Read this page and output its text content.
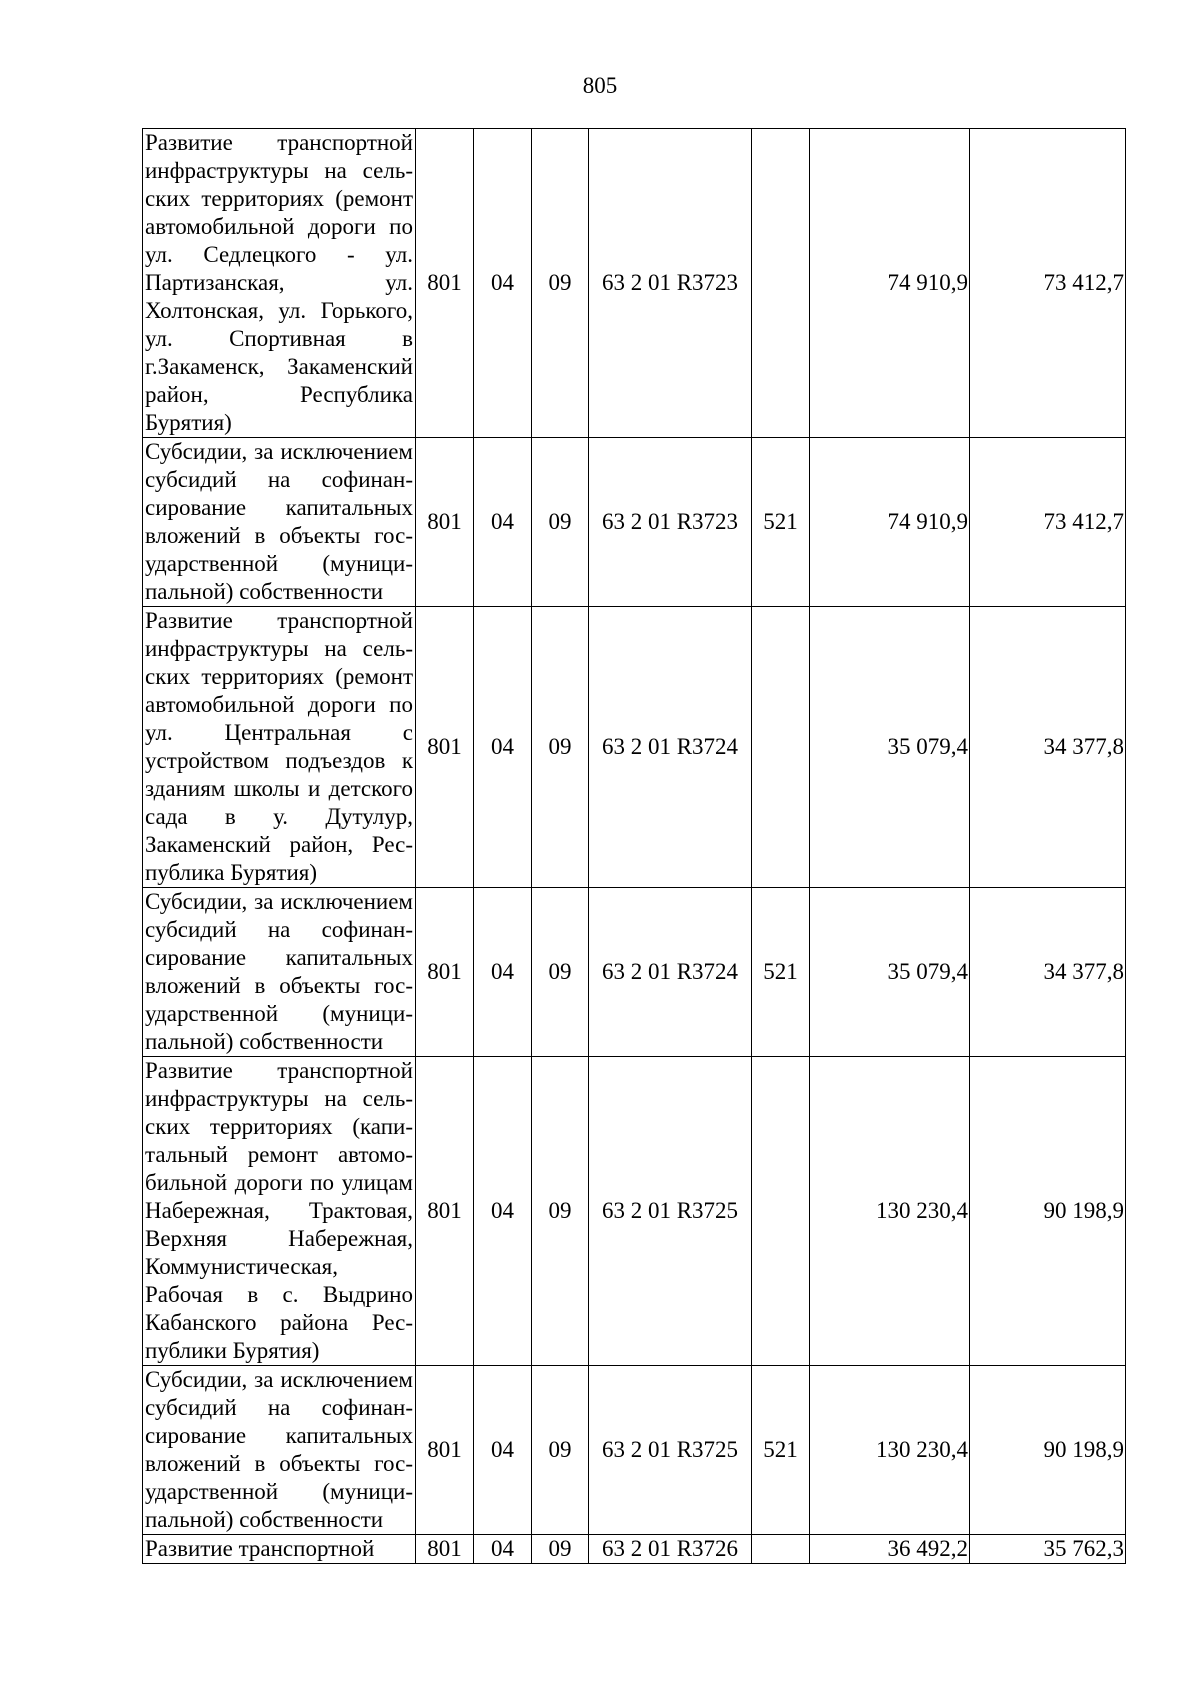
805
Развитие транспортной инфраструктуры на сельских территориях (ремонт автомобильной дороги по ул. Седлецкого - ул. Партизанская, ул. Холтонская, ул. Горького, ул. Спортивная в г.Закаменск, Закаменский район, Республика Бурятия)	801	04	09	63 2 01 R3723		74 910,9	73 412,7
Субсидии, за исключением субсидий на софинансирование капитальных вложений в объекты государственной (муниципальной) собственности	801	04	09	63 2 01 R3723	521	74 910,9	73 412,7
Развитие транспортной инфраструктуры на сельских территориях (ремонт автомобильной дороги по ул. Центральная с устройством подъездов к зданиям школы и детского сада в у. Дутулур, Закаменский район, Республика Бурятия)	801	04	09	63 2 01 R3724		35 079,4	34 377,8
Субсидии, за исключением субсидий на софинансирование капитальных вложений в объекты государственной (муниципальной) собственности	801	04	09	63 2 01 R3724	521	35 079,4	34 377,8
Развитие транспортной инфраструктуры на сельских территориях (капитальный ремонт автомобильной дороги по улицам Набережная, Трактовая, Верхняя Набережная, Коммунистическая, Рабочая в с. Выдрино Кабанского района Республики Бурятия)	801	04	09	63 2 01 R3725		130 230,4	90 198,9
Субсидии, за исключением субсидий на софинансирование капитальных вложений в объекты государственной (муниципальной) собственности	801	04	09	63 2 01 R3725	521	130 230,4	90 198,9
Развитие транспортной	801	04	09	63 2 01 R3726		36 492,2	35 762,3
